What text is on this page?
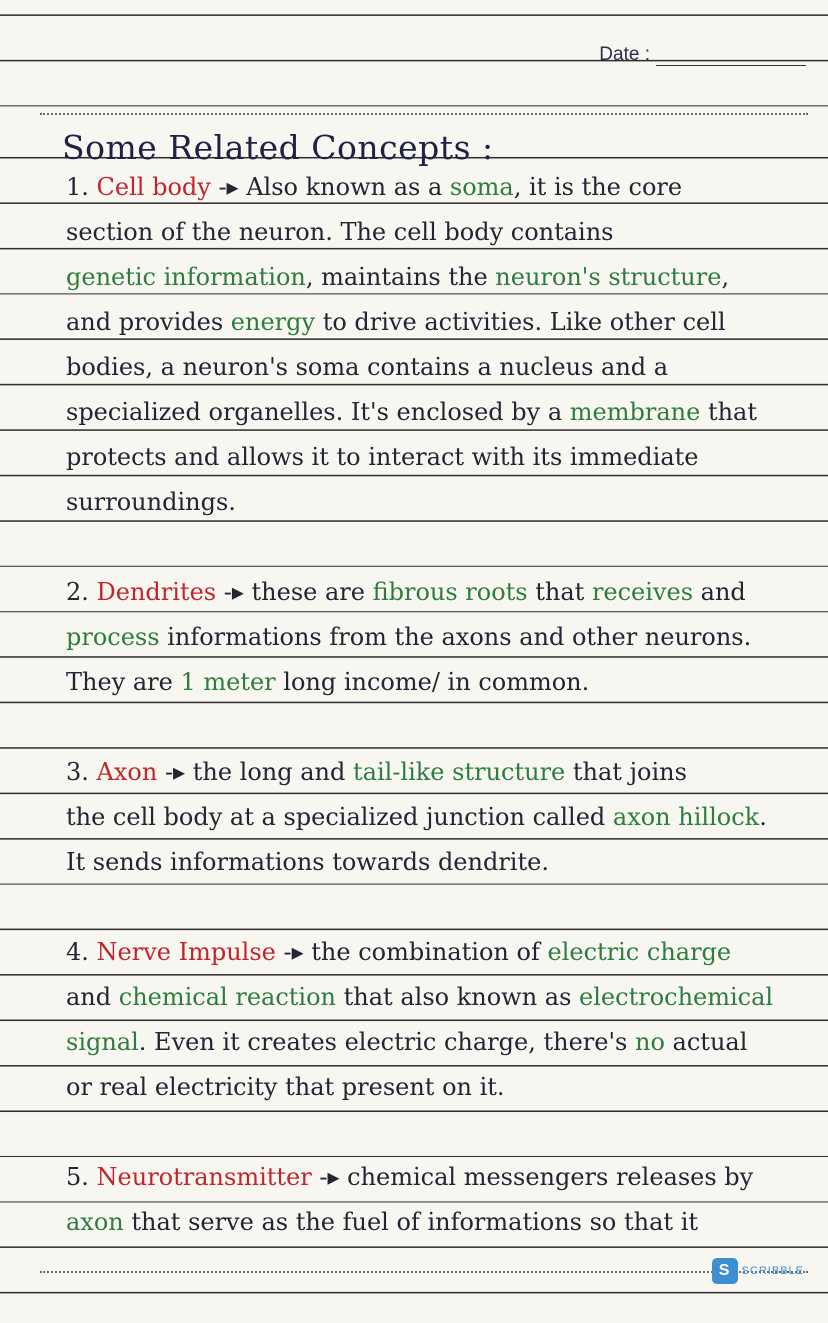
Date :
Some Related Concepts :
1. Cell body -▸ Also known as a soma, it is the core
section of the neuron. The cell body contains
genetic information, maintains the neuron's structure,
and provides energy to drive activities. Like other cell
bodies, a neuron's soma contains a nucleus and a
specialized organelles. It's enclosed by a membrane that
protects and allows it to interact with its immediate
surroundings.
2. Dendrites -▸ these are fibrous roots that receives and
process informations from the axons and other neurons.
They are 1 meter long income/ in common.
3. Axon -▸ the long and tail-like structure that joins
the cell body at a specialized junction called axon hillock.
It sends informations towards dendrite.
4. Nerve Impulse -▸ the combination of electric charge
and chemical reaction that also known as electrochemical
signal. Even it creates electric charge, there's no actual
or real electricity that present on it.
5. Neurotransmitter -▸ chemical messengers releases by
axon that serve as the fuel of informations so that it
S	SCRIBBLE
